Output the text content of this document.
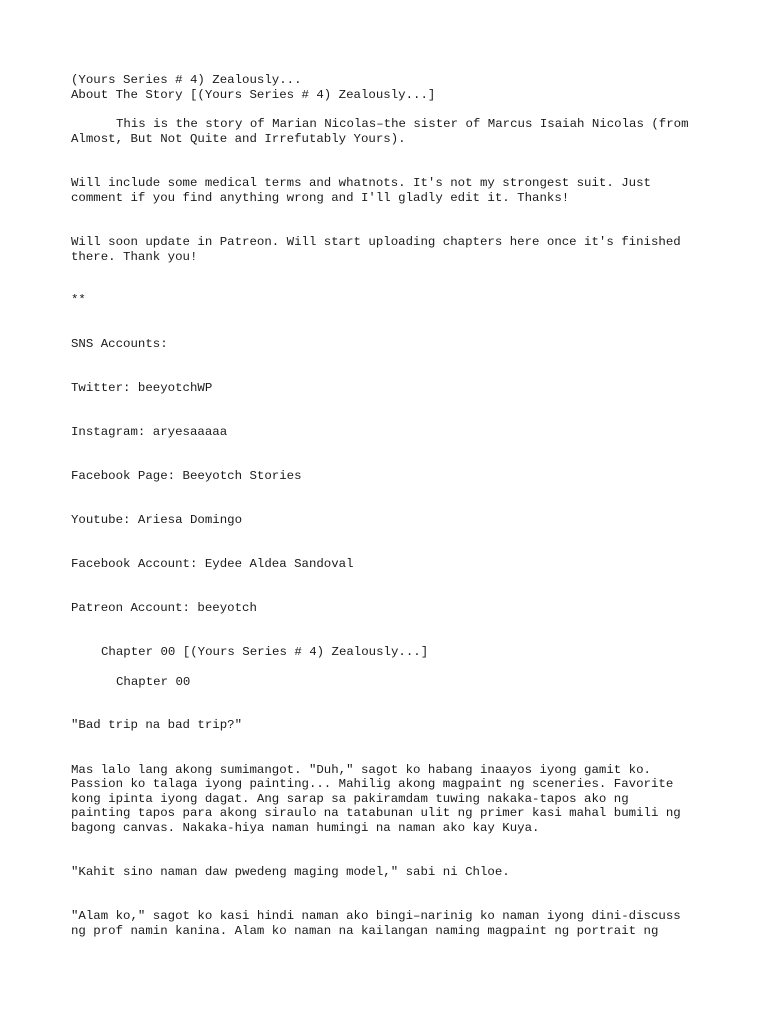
(Yours Series # 4) Zealously...

About The Story [(Yours Series # 4) Zealously...]

This is the story of Marian Nicolas–the sister of Marcus Isaiah Nicolas (from

Almost, But Not Quite and Irrefutably Yours).

Will include some medical terms and whatnots. It's not my strongest suit. Just

comment if you find anything wrong and I'll gladly edit it. Thanks!

Will soon update in Patreon. Will start uploading chapters here once it's finished

there. Thank you!

**

SNS Accounts:

Twitter: beeyotchWP

Instagram: aryesaaaaa

Facebook Page: Beeyotch Stories

Youtube: Ariesa Domingo

Facebook Account: Eydee Aldea Sandoval

Patreon Account: beeyotch

Chapter 00 [(Yours Series # 4) Zealously...]

Chapter 00

"Bad trip na bad trip?"

Mas lalo lang akong sumimangot. "Duh," sagot ko habang inaayos iyong gamit ko.

Passion ko talaga iyong painting... Mahilig akong magpaint ng sceneries. Favorite

kong ipinta iyong dagat. Ang sarap sa pakiramdam tuwing nakaka-tapos ako ng

painting tapos para akong siraulo na tatabunan ulit ng primer kasi mahal bumili ng

bagong canvas. Nakaka-hiya naman humingi na naman ako kay Kuya.

"Kahit sino naman daw pwedeng maging model," sabi ni Chloe.

"Alam ko," sagot ko kasi hindi naman ako bingi–narinig ko naman iyong dini-discuss

ng prof namin kanina. Alam ko naman na kailangan naming magpaint ng portrait ng
